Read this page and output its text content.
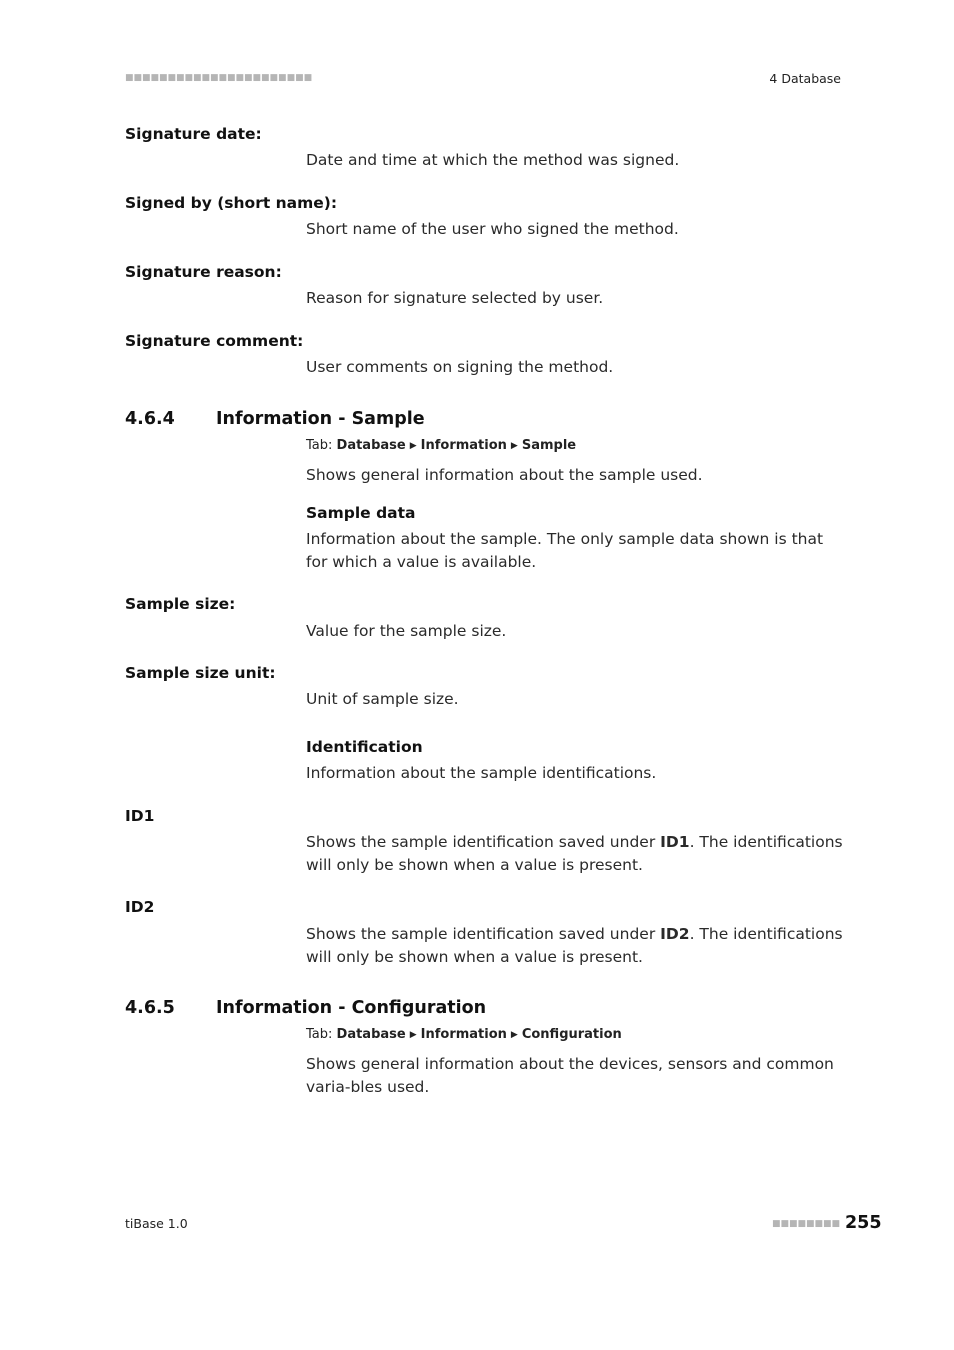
■■■■■■■■■■■■■■■■■■■■■■	4 Database
Signature date:
Date and time at which the method was signed.
Signed by (short name):
Short name of the user who signed the method.
Signature reason:
Reason for signature selected by user.
Signature comment:
User comments on signing the method.
4.6.4 Information - Sample
Tab: Database ▶ Information ▶ Sample
Shows general information about the sample used.
Sample data
Information about the sample. The only sample data shown is that for which a value is available.
Sample size:
Value for the sample size.
Sample size unit:
Unit of sample size.
Identification
Information about the sample identifications.
ID1
Shows the sample identification saved under ID1. The identifications will only be shown when a value is present.
ID2
Shows the sample identification saved under ID2. The identifications will only be shown when a value is present.
4.6.5 Information - Configuration
Tab: Database ▶ Information ▶ Configuration
Shows general information about the devices, sensors and common varia-bles used.
tiBase 1.0	■■■■■■■■ 255
